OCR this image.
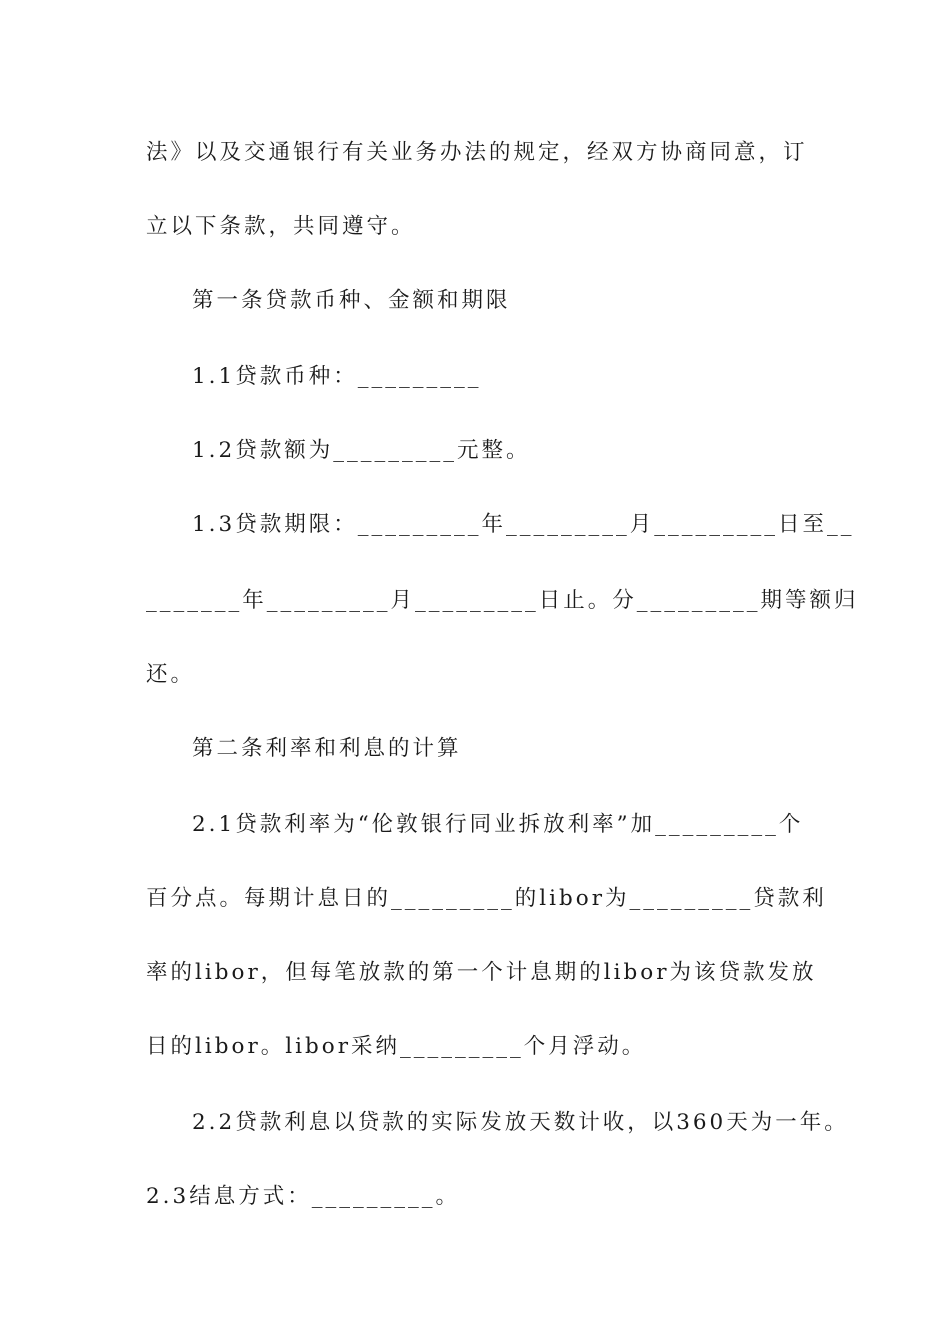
法》以及交通银行有关业务办法的规定，经双方协商同意，订
立以下条款，共同遵守。
第一条贷款币种、金额和期限
1.1贷款币种：_________
1.2贷款额为_________元整。
1.3贷款期限：_________年_________月_________日至__
_______年_________月_________日止。分_________期等额归
还。
第二条利率和利息的计算
2.1贷款利率为“伦敦银行同业拆放利率”加_________个
百分点。每期计息日的_________的libor为_________贷款利
率的libor，但每笔放款的第一个计息期的libor为该贷款发放
日的libor。libor采纳_________个月浮动。
2.2贷款利息以贷款的实际发放天数计收，以360天为一年。
2.3结息方式：_________。
